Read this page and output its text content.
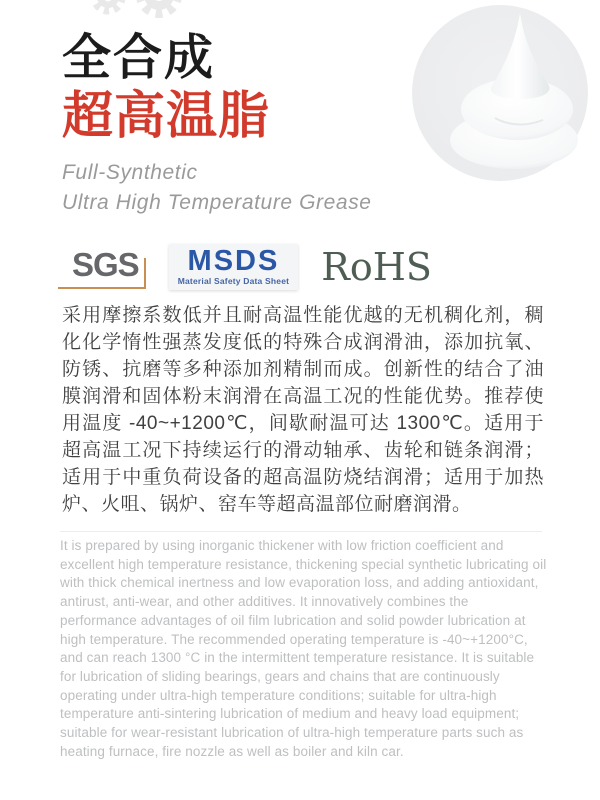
全合成
超高温脂

Full-Synthetic
Ultra High Temperature Grease

SGS	MSDS
Material Safety Data Sheet RoHS

采用摩擦系数低并且耐高温性能优越的无机稠化剂，稠化化学惰性强蒸发度低的特殊合成润滑油，添加抗氧、防锈、抗磨等多种添加剂精制而成。创新性的结合了油膜润滑和固体粉末润滑在高温工况的性能优势。推荐使用温度 -40~+1200℃，间歇耐温可达 1300℃。适用于超高温工况下持续运行的滑动轴承、齿轮和链条润滑；适用于中重负荷设备的超高温防烧结润滑；适用于加热炉、火咀、锅炉、窑车等超高温部位耐磨润滑。

It is prepared by using inorganic thickener with low friction coefficient and excellent high temperature resistance, thickening special synthetic lubricating oil with thick chemical inertness and low evaporation loss, and adding antioxidant, antirust, anti-wear, and other additives. It innovatively combines the performance advantages of oil film lubrication and solid powder lubrication at high temperature. The recommended operating temperature is -40~+1200°C, and can reach 1300 °C in the intermittent temperature resistance. It is suitable for lubrication of sliding bearings, gears and chains that are continuously operating under ultra-high temperature conditions; suitable for ultra-high temperature anti-sintering lubrication of medium and heavy load equipment; suitable for wear-resistant lubrication of ultra-high temperature parts such as heating furnace, fire nozzle as well as boiler and kiln car.
